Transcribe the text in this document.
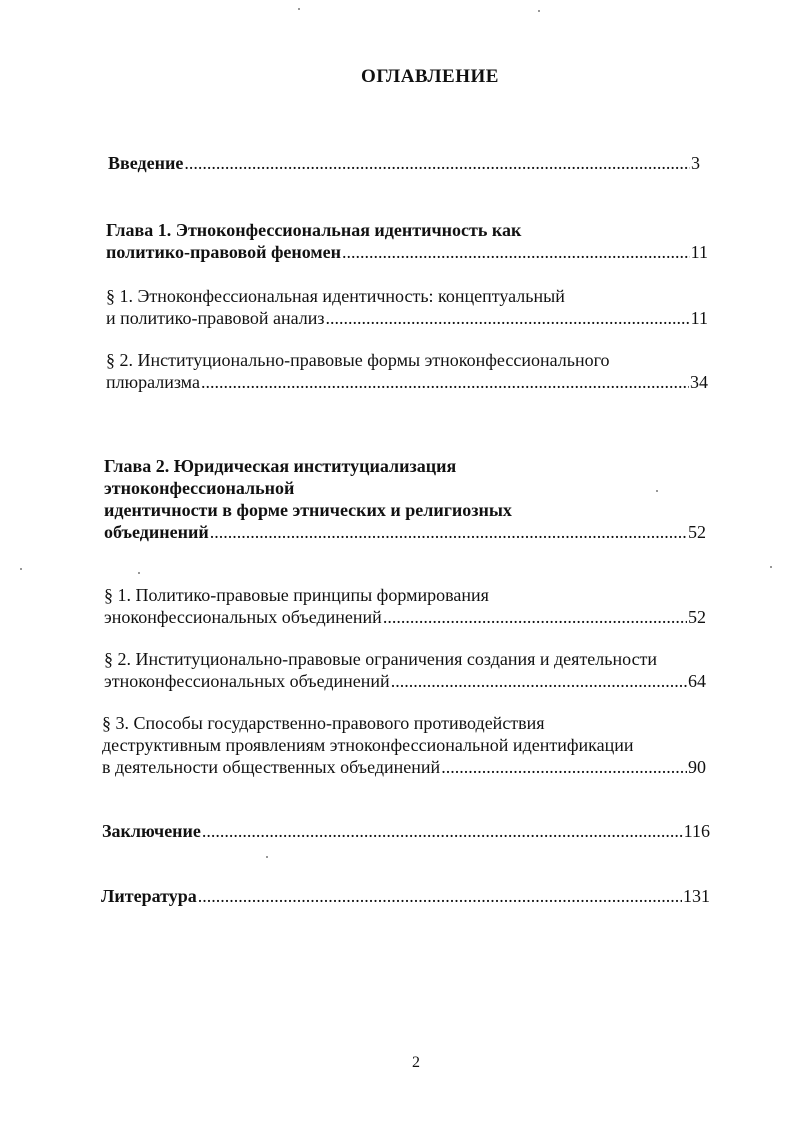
ОГЛАВЛЕНИЕ
Введение .....	3
Глава 1. Этноконфессиональная идентичность как
политико-правовой феномен .....	11
§ 1. Этноконфессиональная идентичность: концептуальный
и политико-правовой анализ .....	11
§ 2. Институционально-правовые формы этноконфессионального
плюрализма .....	34
Глава 2. Юридическая институциализация
этноконфессиональной
идентичности в форме этнических и религиозных
объединений .....	52
§ 1. Политико-правовые принципы формирования
эноконфессиональных объединений .....	52
§ 2. Институционально-правовые ограничения создания и деятельности
этноконфессиональных объединений .....	64
§ 3. Способы государственно-правового противодействия
деструктивным проявлениям этноконфессиональной идентификации
в деятельности общественных объединений .....	90
Заключение .....	116
Литература .....	131
2
